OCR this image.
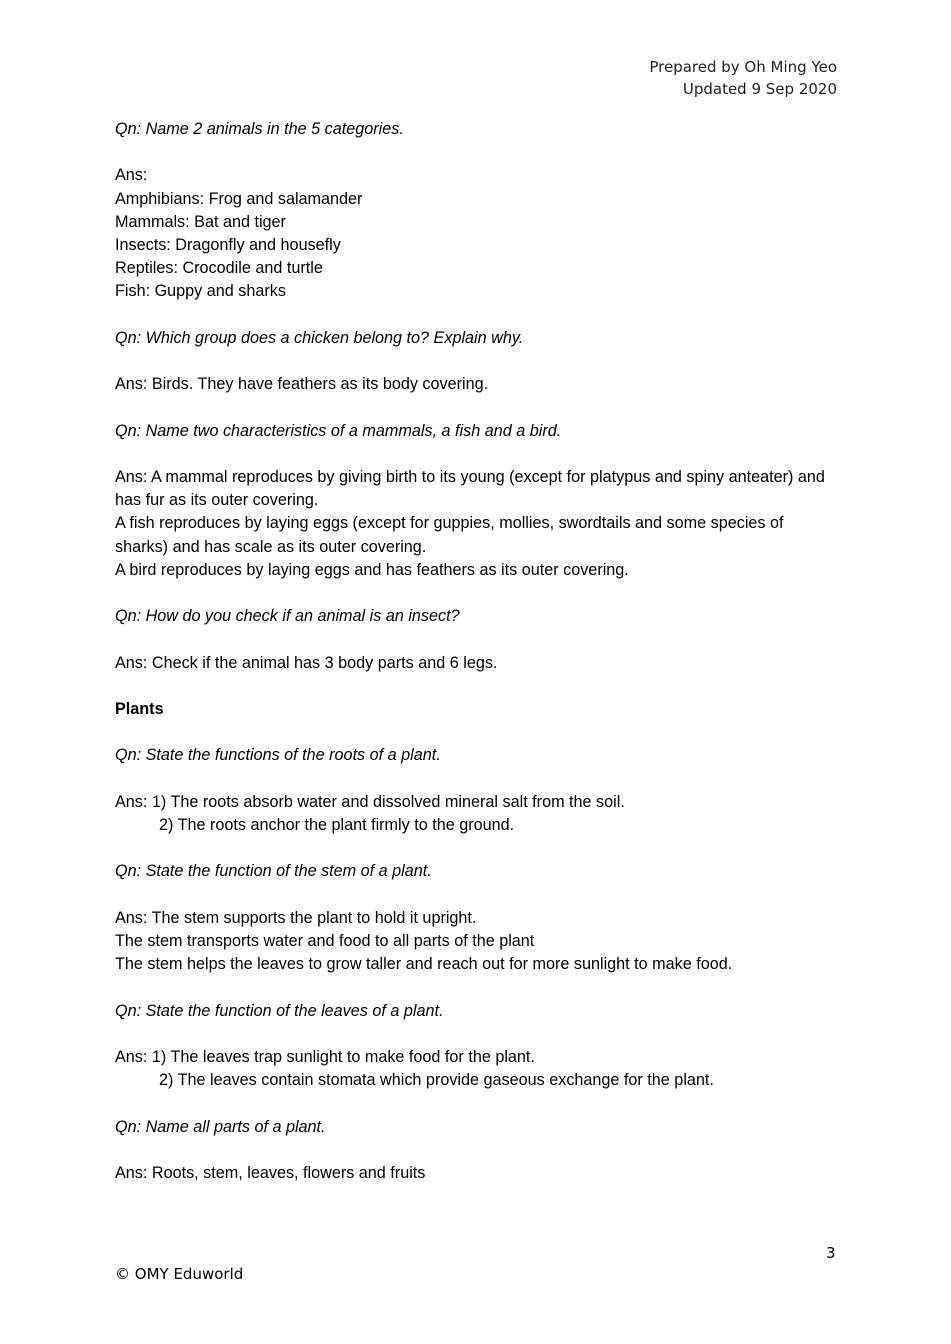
Prepared by Oh Ming Yeo
Updated 9 Sep 2020
Qn: Name 2 animals in the 5 categories.
Ans:
Amphibians: Frog and salamander
Mammals: Bat and tiger
Insects: Dragonfly and housefly
Reptiles: Crocodile and turtle
Fish: Guppy and sharks
Qn: Which group does a chicken belong to? Explain why.
Ans: Birds. They have feathers as its body covering.
Qn: Name two characteristics of a mammals, a fish and a bird.
Ans: A mammal reproduces by giving birth to its young (except for platypus and spiny anteater) and has fur as its outer covering.
A fish reproduces by laying eggs (except for guppies, mollies, swordtails and some species of sharks) and has scale as its outer covering.
A bird reproduces by laying eggs and has feathers as its outer covering.
Qn: How do you check if an animal is an insect?
Ans: Check if the animal has 3 body parts and 6 legs.
Plants
Qn: State the functions of the roots of a plant.
Ans: 1) The roots absorb water and dissolved mineral salt from the soil.
2) The roots anchor the plant firmly to the ground.
Qn: State the function of the stem of a plant.
Ans: The stem supports the plant to hold it upright.
The stem transports water and food to all parts of the plant
The stem helps the leaves to grow taller and reach out for more sunlight to make food.
Qn: State the function of the leaves of a plant.
Ans: 1) The leaves trap sunlight to make food for the plant.
2) The leaves contain stomata which provide gaseous exchange for the plant.
Qn: Name all parts of a plant.
Ans: Roots, stem, leaves, flowers and fruits
3
© OMY Eduworld
